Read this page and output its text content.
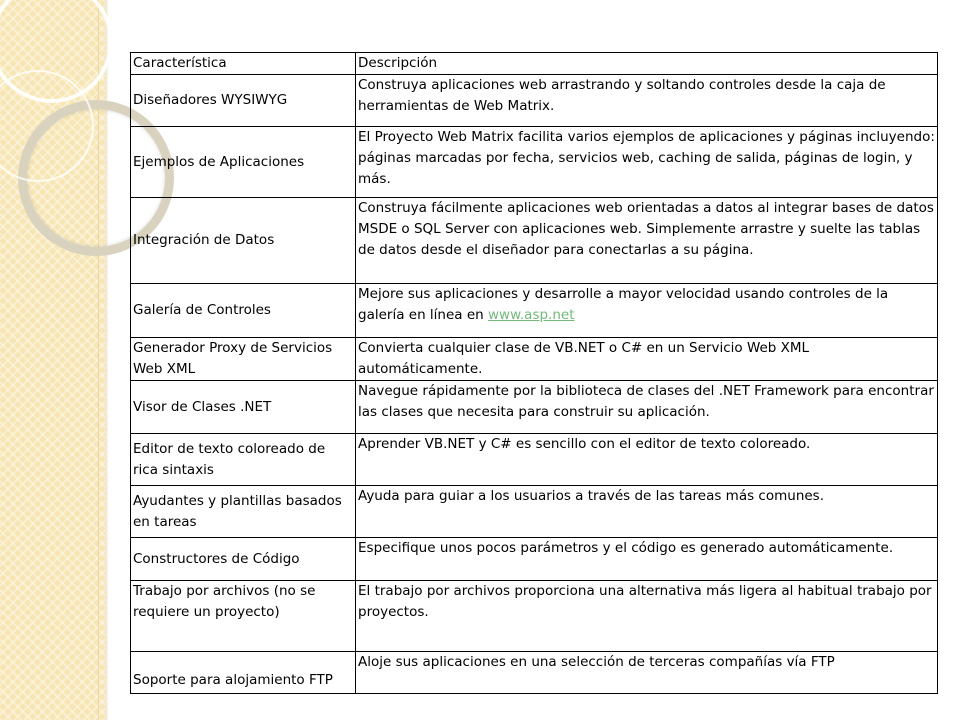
Característica	Descripción
Diseñadores WYSIWYG	Construya aplicaciones web arrastrando y soltando controles desde la caja de herramientas de Web Matrix.
Ejemplos de Aplicaciones	El Proyecto Web Matrix facilita varios ejemplos de aplicaciones y páginas incluyendo: páginas marcadas por fecha, servicios web, caching de salida, páginas de login, y más.
Integración de Datos	Construya fácilmente aplicaciones web orientadas a datos al integrar bases de datos MSDE o SQL Server con aplicaciones web. Simplemente arrastre y suelte las tablas de datos desde el diseñador para conectarlas a su página.
Galería de Controles	Mejore sus aplicaciones y desarrolle a mayor velocidad usando controles de la galería en línea en www.asp.net
Generador Proxy de Servicios Web XML	Convierta cualquier clase de VB.NET o C# en un Servicio Web XML automáticamente.
Visor de Clases .NET	Navegue rápidamente por la biblioteca de clases del .NET Framework para encontrar las clases que necesita para construir su aplicación.
Editor de texto coloreado de rica sintaxis	Aprender VB.NET y C# es sencillo con el editor de texto coloreado.
Ayudantes y plantillas basados en tareas	Ayuda para guiar a los usuarios a través de las tareas más comunes.
Constructores de Código	Especifique unos pocos parámetros y el código es generado automáticamente.
Trabajo por archivos (no se requiere un proyecto)	El trabajo por archivos proporciona una alternativa más ligera al habitual trabajo por proyectos.
Soporte para alojamiento FTP	Aloje sus aplicaciones en una selección de terceras compañías vía FTP
